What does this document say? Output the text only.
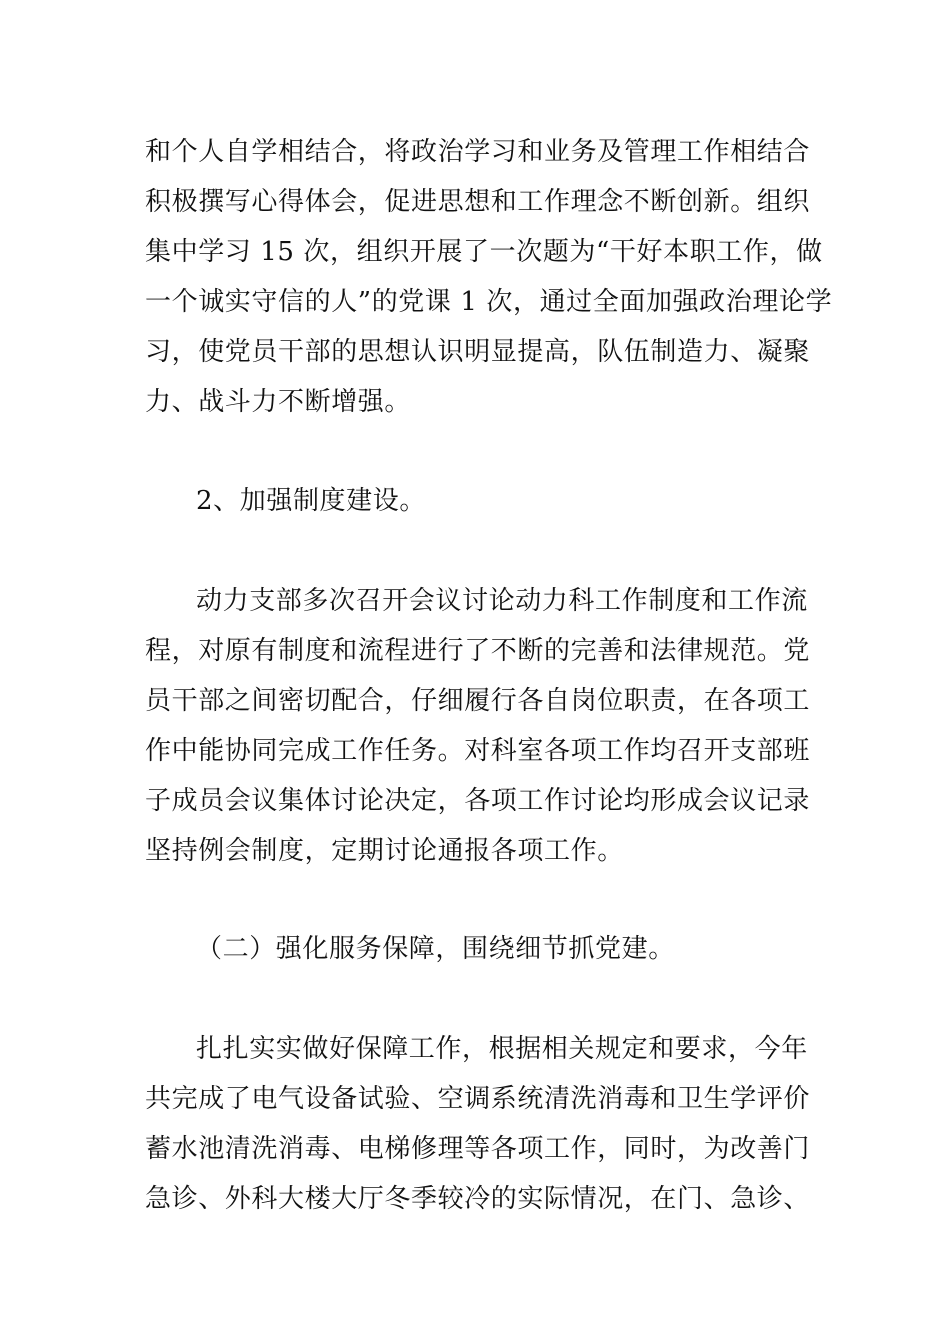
和个人自学相结合，将政治学习和业务及管理工作相结合
积极撰写心得体会，促进思想和工作理念不断创新。组织
集中学习 15 次，组织开展了一次题为“干好本职工作，做
一个诚实守信的人”的党课 1 次，通过全面加强政治理论学
习，使党员干部的思想认识明显提高，队伍制造力、凝聚
力、战斗力不断增强。
2、加强制度建设。
动力支部多次召开会议讨论动力科工作制度和工作流
程，对原有制度和流程进行了不断的完善和法律规范。党
员干部之间密切配合，仔细履行各自岗位职责，在各项工
作中能协同完成工作任务。对科室各项工作均召开支部班
子成员会议集体讨论决定，各项工作讨论均形成会议记录
坚持例会制度，定期讨论通报各项工作。
（二）强化服务保障，围绕细节抓党建。
扎扎实实做好保障工作，根据相关规定和要求，今年
共完成了电气设备试验、空调系统清洗消毒和卫生学评价
蓄水池清洗消毒、电梯修理等各项工作，同时，为改善门
急诊、外科大楼大厅冬季较冷的实际情况，在门、急诊、
